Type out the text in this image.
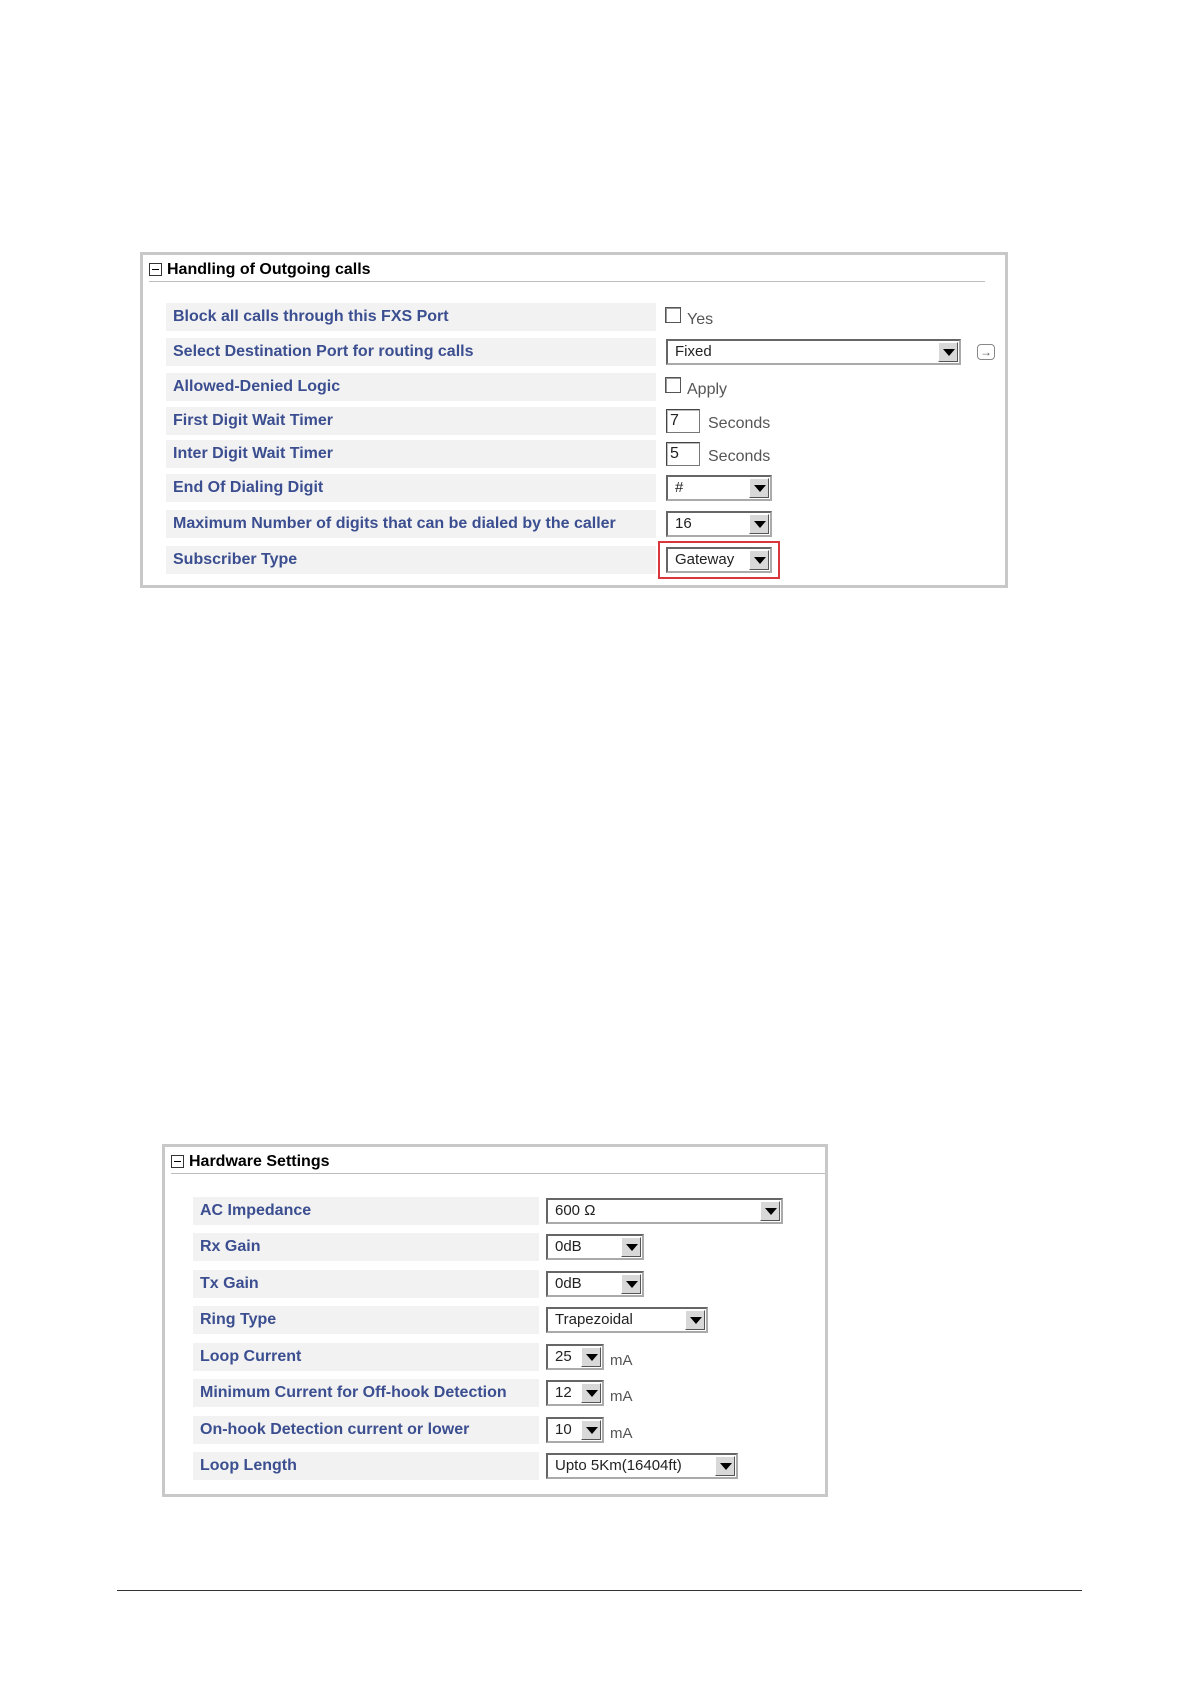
Handling of Outgoing calls
Block all calls through this FXS Port	Yes
Select Destination Port for routing calls	Fixed	→
Allowed-Denied Logic	Apply
First Digit Wait Timer	7	Seconds
Inter Digit Wait Timer	5	Seconds
End Of Dialing Digit	#
Maximum Number of digits that can be dialed by the caller	16
Subscriber Type	Gateway
Hardware Settings
AC Impedance	600 Ω
Rx Gain	0dB
Tx Gain	0dB
Ring Type	Trapezoidal
Loop Current	25	mA
Minimum Current for Off-hook Detection	12	mA
On-hook Detection current or lower	10	mA
Loop Length	Upto 5Km(16404ft)
